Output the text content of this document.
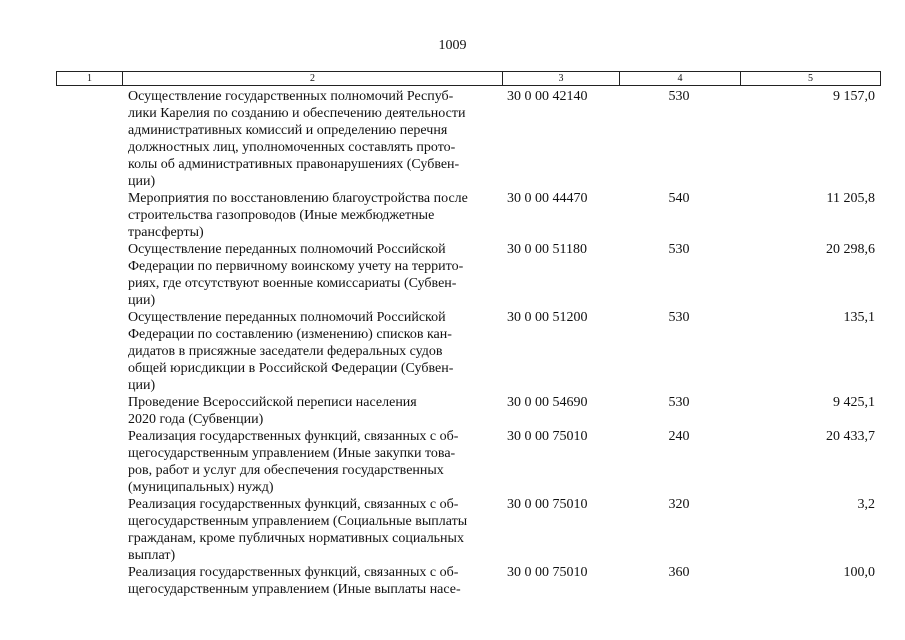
1009
1	2	3	4	5
Осуществление государственных полномочий Респуб-
лики Карелия по созданию и обеспечению деятельности
административных комиссий и определению перечня
должностных лиц, уполномоченных составлять прото-
колы об административных правонарушениях (Субвен-
ции)
30 0 00 42140	530	9 157,0
Мероприятия по восстановлению благоустройства после
строительства газопроводов (Иные межбюджетные
трансферты)
30 0 00 44470	540	11 205,8
Осуществление переданных полномочий Российской
Федерации по первичному воинскому учету на террито-
риях, где отсутствуют военные комиссариаты (Субвен-
ции)
30 0 00 51180	530	20 298,6
Осуществление переданных полномочий Российской
Федерации по составлению (изменению) списков кан-
дидатов в присяжные заседатели федеральных судов
общей юрисдикции в Российской Федерации (Субвен-
ции)
30 0 00 51200	530	135,1
Проведение Всероссийской переписи населения
2020 года (Субвенции)
30 0 00 54690	530	9 425,1
Реализация государственных функций, связанных с об-
щегосударственным управлением (Иные закупки това-
ров, работ и услуг для обеспечения государственных
(муниципальных) нужд)
30 0 00 75010	240	20 433,7
Реализация государственных функций, связанных с об-
щегосударственным управлением (Социальные выплаты
гражданам, кроме публичных нормативных социальных
выплат)
30 0 00 75010	320	3,2
Реализация государственных функций, связанных с об-
щегосударственным управлением (Иные выплаты насе-
30 0 00 75010	360	100,0
